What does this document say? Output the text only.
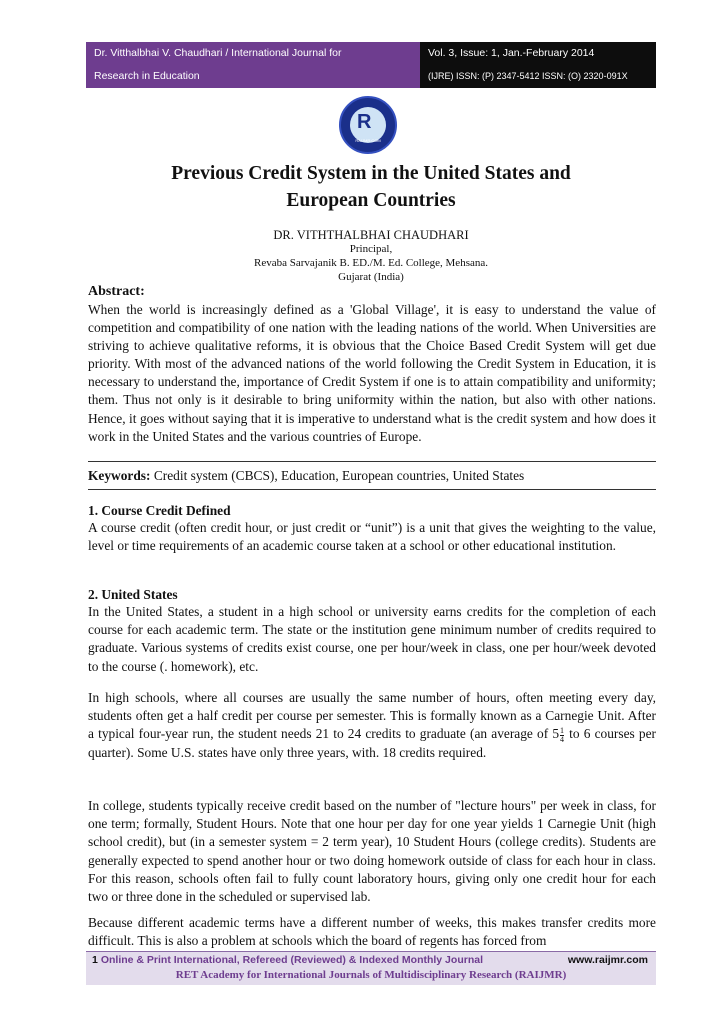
Dr. Vitthalbhai V. Chaudhari / International Journal for
Research in Education
Vol. 3, Issue: 1, Jan.-February 2014
(IJRE) ISSN: (P) 2347-5412 ISSN: (O) 2320-091X
R
RAIJMR.COM
Previous Credit System in the United States and
European Countries
DR. VITHTHALBHAI CHAUDHARI
Principal,
Revaba Sarvajanik B. ED./M. Ed. College, Mehsana.
Gujarat (India)
Abstract:
When the world is increasingly defined as a 'Global Village', it is easy to understand the value of competition and compatibility of one nation with the leading nations of the world. When Universities are striving to achieve qualitative reforms, it is obvious that the Choice Based Credit System will get due priority. With most of the advanced nations of the world following the Credit System in Education, it is necessary to understand the, importance of Credit System if one is to attain compatibility and uniformity; them. Thus not only is it desirable to bring uniformity within the nation, but also with other nations. Hence, it goes without saying that it is imperative to understand what is the credit system and how does it work in the United States and the various countries of Europe.
Keywords: Credit system (CBCS), Education, European countries, United States
1. Course Credit Defined
A course credit (often credit hour, or just credit or “unit”) is a unit that gives the weighting to the value, level or time requirements of an academic course taken at a school or other educational institution.
2. United States
In the United States, a student in a high school or university earns credits for the completion of each course for each academic term. The state or the institution gene minimum number of credits required to graduate. Various systems of credits exist course, one per hour/week in class, one per hour/week devoted to the course (. homework), etc.
In high schools, where all courses are usually the same number of hours, often meeting every day, students often get a half credit per course per semester. This is formally known as a Carnegie Unit. After a typical four-year run, the student needs 21 to 24 credits to graduate (an average of $5 \frac{1}{4}$ to 6 courses per quarter). Some U.S. states have only three years, with. 18 credits required.
In college, students typically receive credit based on the number of "lecture hours" per week in class, for one term; formally, Student Hours. Note that one hour per day for one year yields 1 Carnegie Unit (high school credit), but (in a semester system = 2 term year), 10 Student Hours (college credits). Students are generally expected to spend another hour or two doing homework outside of class for each hour in class. For this reason, schools often fail to fully count laboratory hours, giving only one credit hour for each two or three done in the scheduled or supervised lab.
Because different academic terms have a different number of weeks, this makes transfer credits more difficult. This is also a problem at schools which the board of regents has forced from
1 Online & Print International, Refereed (Reviewed) & Indexed Monthly Journal	www.raijmr.com
RET Academy for International Journals of Multidisciplinary Research (RAIJMR)
